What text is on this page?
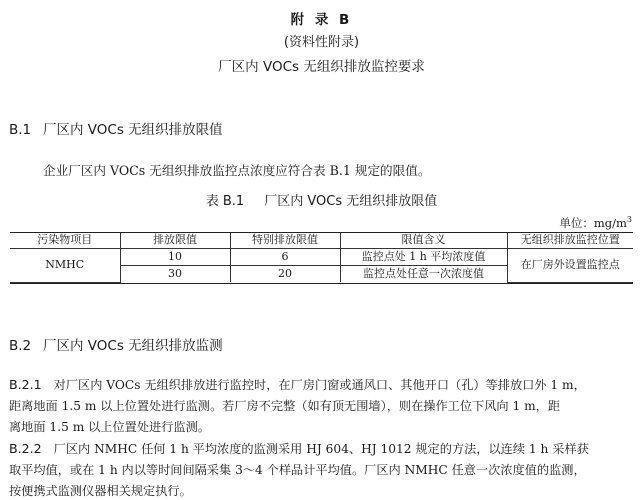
附 录 B
(资料性附录)
厂区内 VOCs 无组织排放监控要求
B.1 厂区内 VOCs 无组织排放限值
企业厂区内 VOCs 无组织排放监控点浓度应符合表 B.1 规定的限值。
表 B.1 厂区内 VOCs 无组织排放限值
单位：$mg/m^3$
污染物项目	排放限值	特别排放限值	限值含义	无组织排放监控位置
NMHC	10	6	监控点处 1 h 平均浓度值	在厂房外设置监控点
	30	20	监控点处任意一次浓度值	
B.2 厂区内 VOCs 无组织排放监测
B.2.1 对厂区内 VOCs 无组织排放进行监控时，在厂房门窗或通风口、其他开口（孔）等排放口外 1 m，
距离地面 1.5 m 以上位置处进行监测。若厂房不完整（如有顶无围墙），则在操作工位下风向 1 m，距
离地面 1.5 m 以上位置处进行监测。
B.2.2 厂区内 NMHC 任何 1 h 平均浓度的监测采用 HJ 604、HJ 1012 规定的方法，以连续 1 h 采样获
取平均值，或在 1 h 内以等时间间隔采集 3～4 个样品计平均值。厂区内 NMHC 任意一次浓度值的监测，
按便携式监测仪器相关规定执行。
